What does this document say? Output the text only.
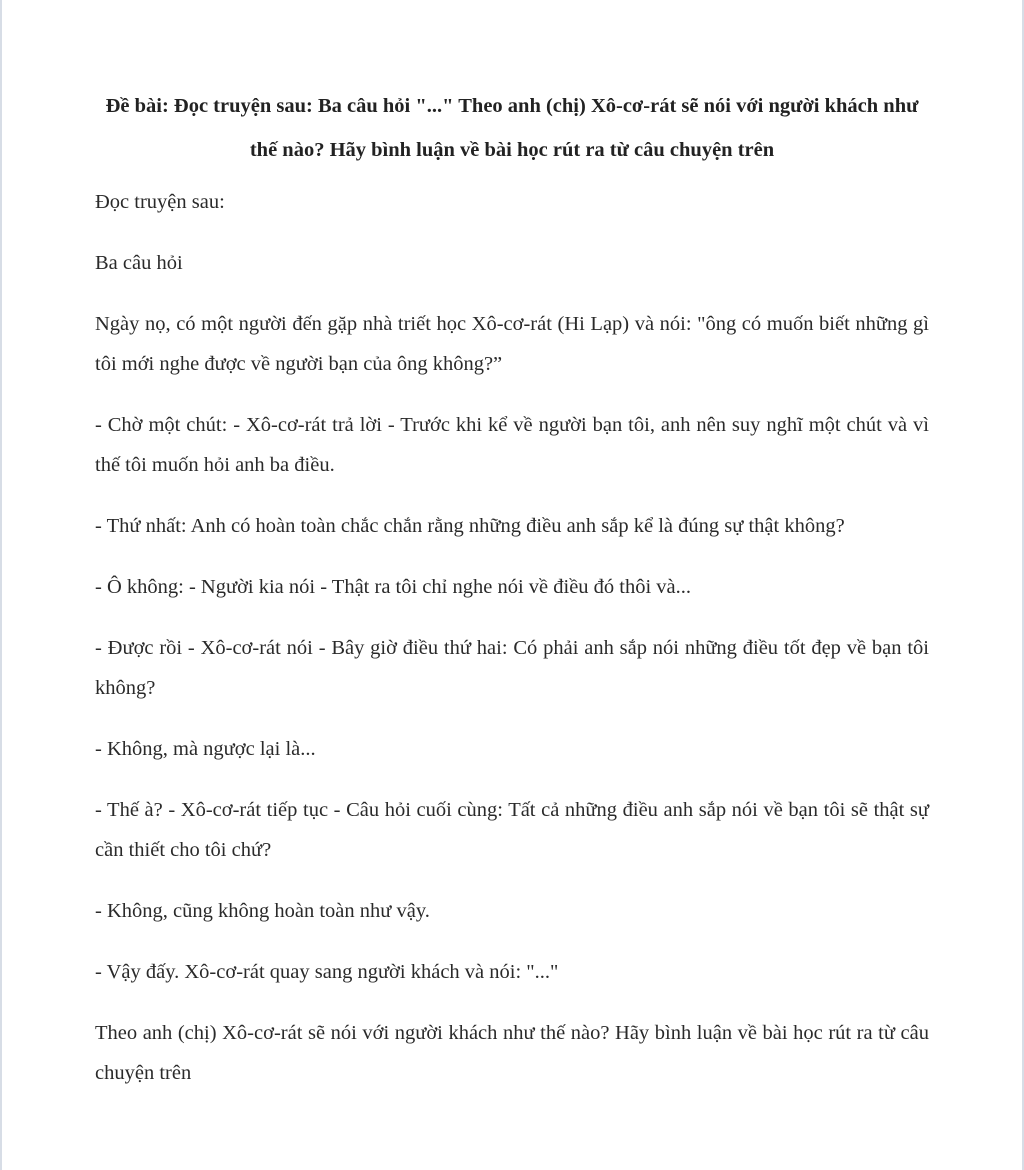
Đề bài: Đọc truyện sau: Ba câu hỏi "..." Theo anh (chị) Xô-cơ-rát sẽ nói với người khách như thế nào? Hãy bình luận về bài học rút ra từ câu chuyện trên

Đọc truyện sau:

Ba câu hỏi

Ngày nọ, có một người đến gặp nhà triết học Xô-cơ-rát (Hi Lạp) và nói: "ông có muốn biết những gì tôi mới nghe được về người bạn của ông không?”

- Chờ một chút: - Xô-cơ-rát trả lời - Trước khi kể về người bạn tôi, anh nên suy nghĩ một chút và vì thế tôi muốn hỏi anh ba điều.

- Thứ nhất: Anh có hoàn toàn chắc chắn rằng những điều anh sắp kể là đúng sự thật không?

- Ô không: - Người kia nói - Thật ra tôi chỉ nghe nói về điều đó thôi và...

- Được rồi - Xô-cơ-rát nói - Bây giờ điều thứ hai: Có phải anh sắp nói những điều tốt đẹp về bạn tôi không?

- Không, mà ngược lại là...

- Thế à? - Xô-cơ-rát tiếp tục - Câu hỏi cuối cùng: Tất cả những điều anh sắp nói về bạn tôi sẽ thật sự cần thiết cho tôi chứ?

- Không, cũng không hoàn toàn như vậy.

- Vậy đấy. Xô-cơ-rát quay sang người khách và nói: "..."

Theo anh (chị) Xô-cơ-rát sẽ nói với người khách như thế nào? Hãy bình luận về bài học rút ra từ câu chuyện trên
